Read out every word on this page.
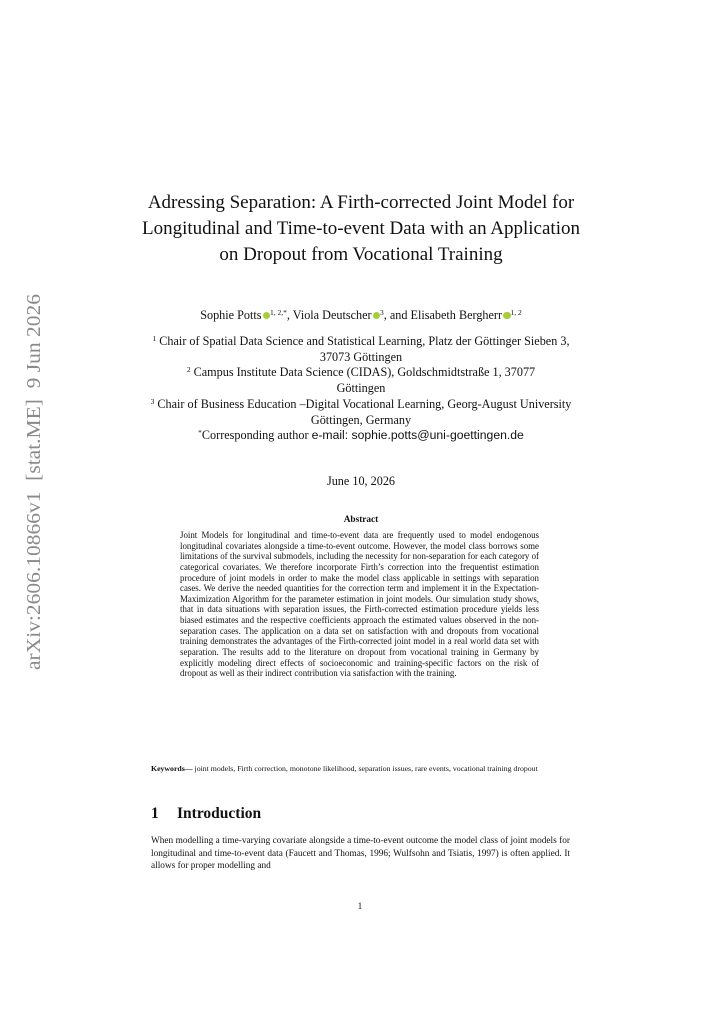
arXiv:2606.10866v1  [stat.ME]  9 Jun 2026
Adressing Separation: A Firth-corrected Joint Model for Longitudinal and Time-to-event Data with an Application on Dropout from Vocational Training
Sophie Potts $^{1, 2,*}$, Viola Deutscher $^3$, and Elisabeth Bergherr $^{1, 2}$
$^1$ Chair of Spatial Data Science and Statistical Learning, Platz der Göttinger Sieben 3, 37073 Göttingen
$^2$ Campus Institute Data Science (CIDAS), Goldschmidtstraße 1, 37077
Göttingen
$^3$ Chair of Business Education –Digital Vocational Learning, Georg-August University Göttingen, Germany
*Corresponding author e-mail: sophie.potts@uni-goettingen.de
June 10, 2026
Abstract

Joint Models for longitudinal and time-to-event data are frequently used to model endogenous longitudinal covariates alongside a time-to-event outcome. However, the model class borrows some limitations of the survival submodels, including the necessity for non-separation for each category of categorical covariates. We therefore incorporate Firth’s correction into the frequentist estimation procedure of joint models in order to make the model class applicable in settings with separation cases. We derive the needed quantities for the correction term and implement it in the Expectation-Maximization Algorithm for the parameter estimation in joint models. Our simulation study shows, that in data situations with separation issues, the Firth-corrected estimation procedure yields less biased estimates and the respective coefficients approach the estimated values observed in the non-separation cases. The application on a data set on satisfaction with and dropouts from vocational training demonstrates the advantages of the Firth-corrected joint model in a real world data set with separation. The results add to the literature on dropout from vocational training in Germany by explicitly modeling direct effects of socioeconomic and training-specific factors on the risk of dropout as well as their indirect contribution via satisfaction with the training.

Keywords— joint models, Firth correction, monotone likelihood, separation issues, rare events, vocational training dropout

1 Introduction

When modelling a time-varying covariate alongside a time-to-event outcome the model class of joint models for longitudinal and time-to-event data (Faucett and Thomas, 1996; Wulfsohn and Tsiatis, 1997) is often applied. It allows for proper modelling and

1
